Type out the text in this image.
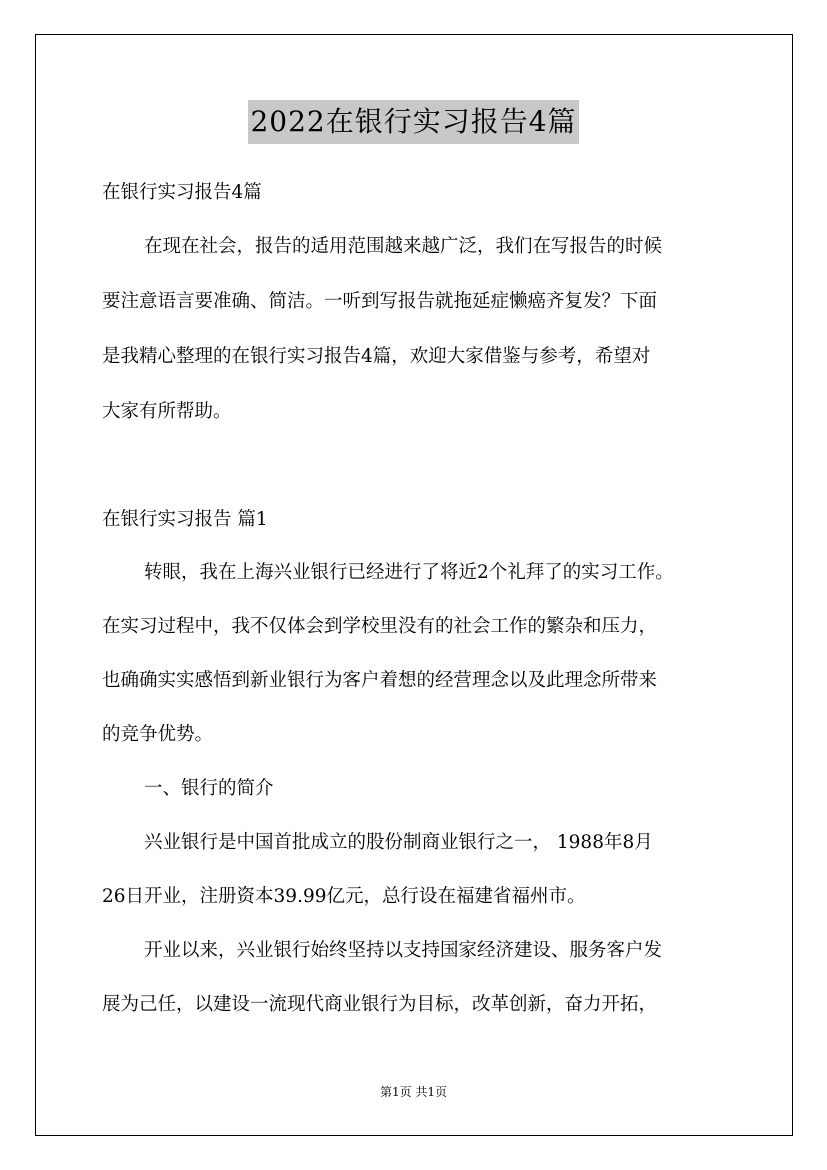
2022在银行实习报告4篇
在银行实习报告4篇
在现在社会，报告的适用范围越来越广泛，我们在写报告的时候
要注意语言要准确、简洁。一听到写报告就拖延症懒癌齐复发？下面
是我精心整理的在银行实习报告4篇，欢迎大家借鉴与参考，希望对
大家有所帮助。
在银行实习报告 篇1
转眼，我在上海兴业银行已经进行了将近2个礼拜了的实习工作。
在实习过程中，我不仅体会到学校里没有的社会工作的繁杂和压力，
也确确实实感悟到新业银行为客户着想的经营理念以及此理念所带来
的竞争优势。
一、银行的简介
兴业银行是中国首批成立的股份制商业银行之一， 1988年8月
26日开业，注册资本39.99亿元，总行设在福建省福州市。
开业以来，兴业银行始终坚持以支持国家经济建设、服务客户发
展为己任，以建设一流现代商业银行为目标，改革创新，奋力开拓，
第1页 共1页
